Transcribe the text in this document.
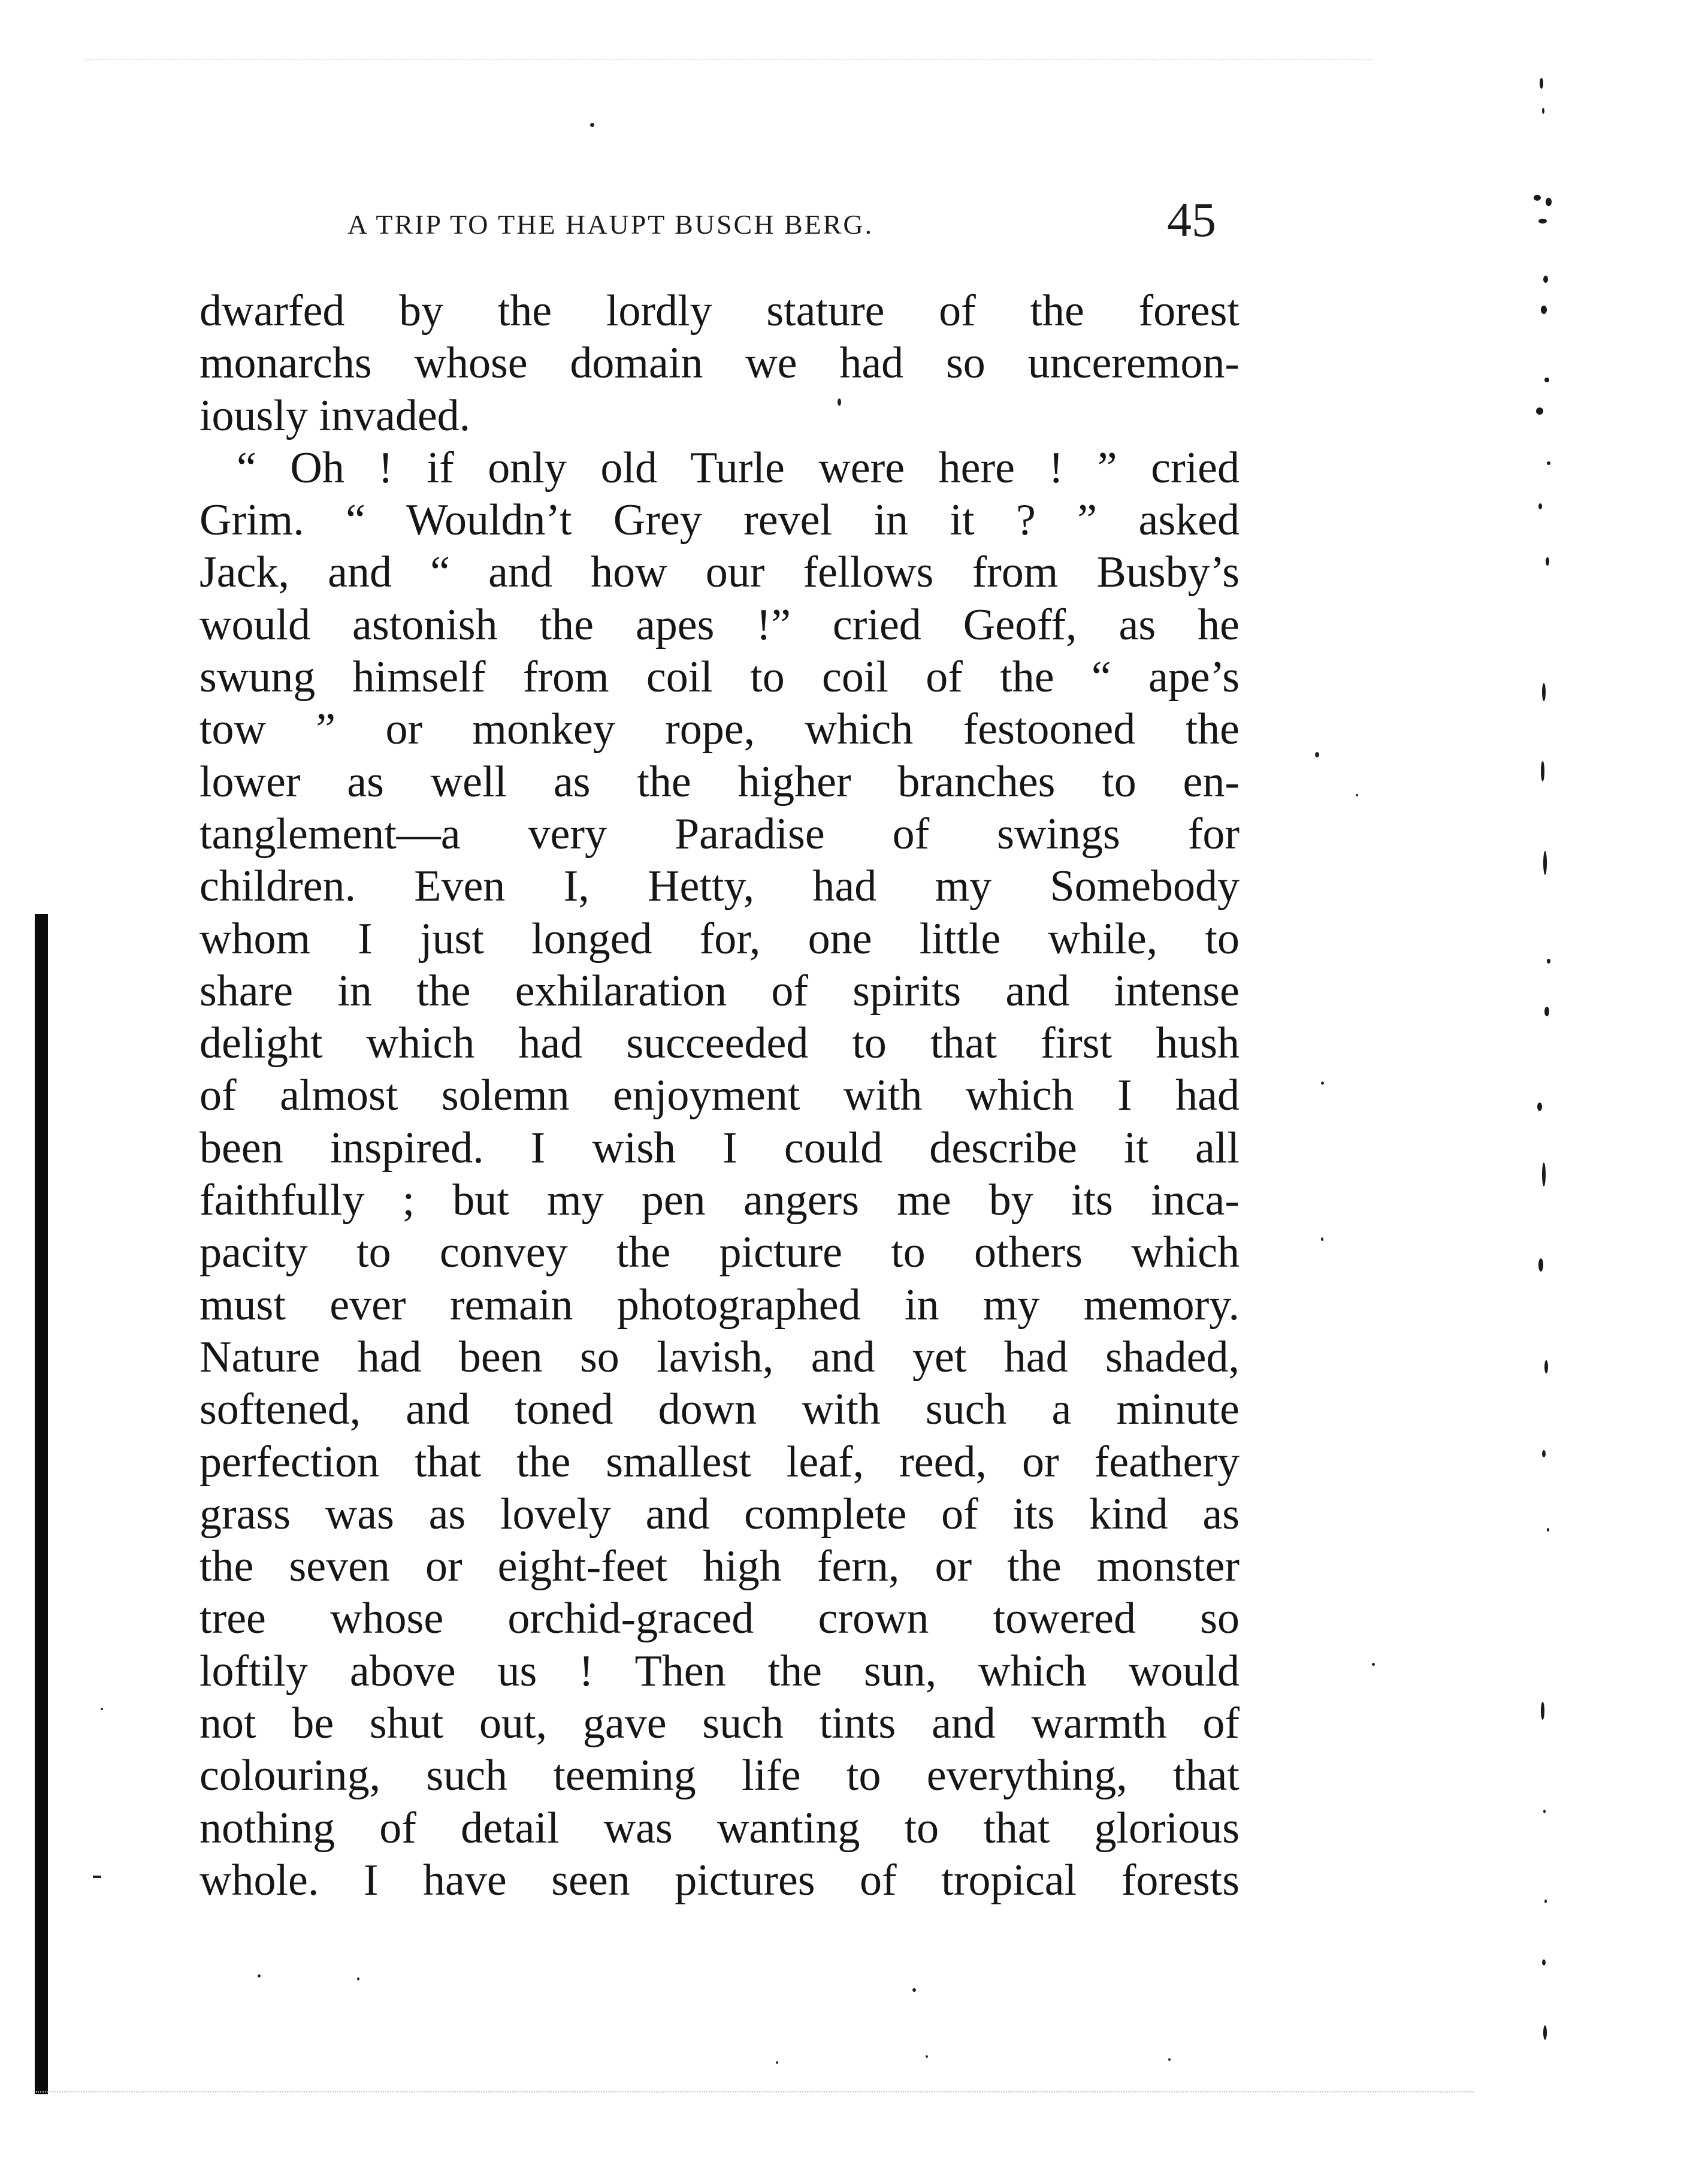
A TRIP TO THE HAUPT BUSCH BERG.	45
dwarfed by the lordly stature of the forest
monarchs whose domain we had so unceremon-
iously invaded.
“ Oh ! if only old Turle were here ! ” cried
Grim. “ Wouldn’t Grey revel in it ? ” asked
Jack, and “ and how our fellows from Busby’s
would astonish the apes !” cried Geoff, as he
swung himself from coil to coil of the “ ape’s
tow ” or monkey rope, which festooned the
lower as well as the higher branches to en-
tanglement—a very Paradise of swings for
children. Even I, Hetty, had my Somebody
whom I just longed for, one little while, to
share in the exhilaration of spirits and intense
delight which had succeeded to that first hush
of almost solemn enjoyment with which I had
been inspired. I wish I could describe it all
faithfully ; but my pen angers me by its inca-
pacity to convey the picture to others which
must ever remain photographed in my memory.
Nature had been so lavish, and yet had shaded,
softened, and toned down with such a minute
perfection that the smallest leaf, reed, or feathery
grass was as lovely and complete of its kind as
the seven or eight-feet high fern, or the monster
tree whose orchid-graced crown towered so
loftily above us ! Then the sun, which would
not be shut out, gave such tints and warmth of
colouring, such teeming life to everything, that
nothing of detail was wanting to that glorious
whole. I have seen pictures of tropical forests
